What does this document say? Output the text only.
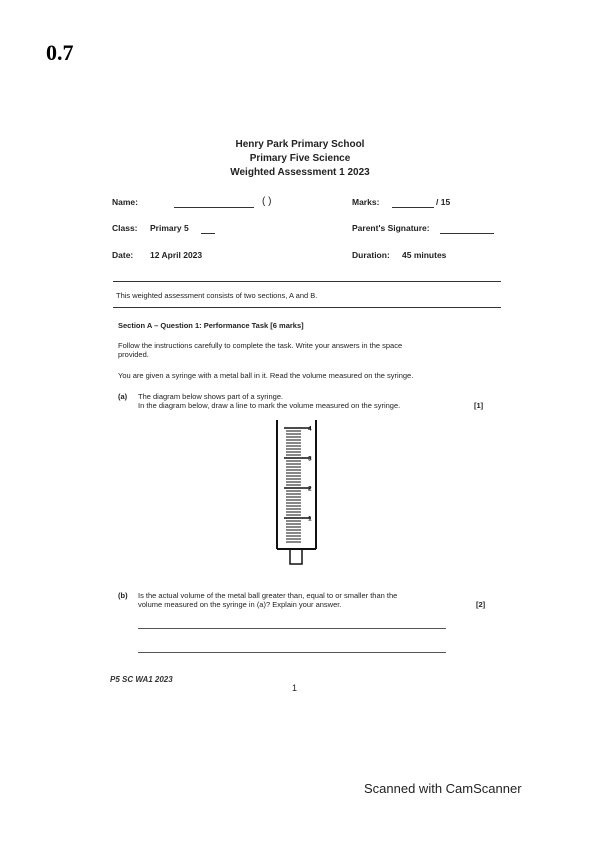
0.7
Henry Park Primary School
Primary Five Science
Weighted Assessment 1 2023
Name:	( )	Marks:	/ 15
Class: Primary 5	Parent's Signature:
Date: 12 April 2023	Duration: 45 minutes
This weighted assessment consists of two sections, A and B.
Section A – Question 1: Performance Task [6 marks]
Follow the instructions carefully to complete the task. Write your answers in the space
provided.
You are given a syringe with a metal ball in it. Read the volume measured on the syringe.
(a) The diagram below shows part of a syringe.
In the diagram below, draw a line to mark the volume measured on the syringe.	[1]
4
3
2
1
(b) Is the actual volume of the metal ball greater than, equal to or smaller than the
volume measured on the syringe in (a)? Explain your answer.	[2]
P5 SC WA1 2023
1
Scanned with CamScanner
